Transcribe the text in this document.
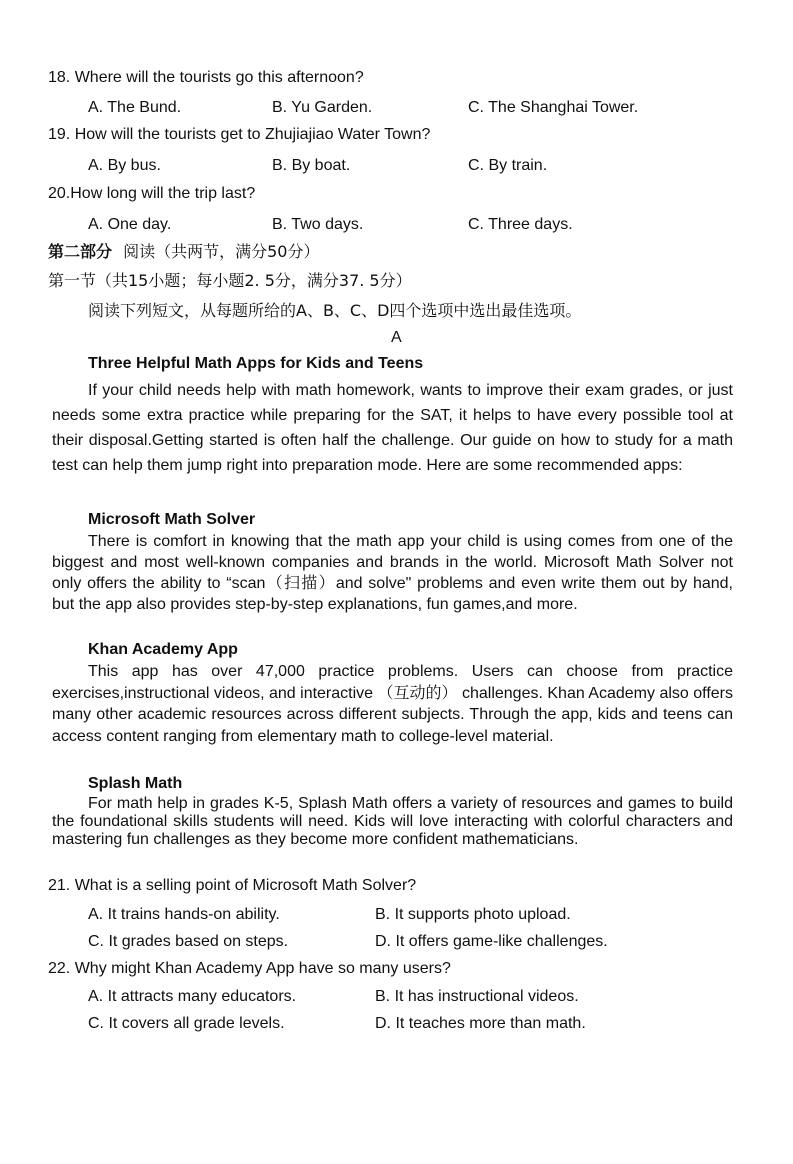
18. Where will the tourists go this afternoon?
A. The Bund.	B. Yu Garden.	C. The Shanghai Tower.
19. How will the tourists get to Zhujiajiao Water Town?
A. By bus.	B. By boat.	C. By train.
20.How long will the trip last?
A. One day.	B. Two days.	C. Three days.
第二部分 阅读（共两节，满分50分）
第一节（共15小题；每小题2. 5分，满分37. 5分）
阅读下列短文，从每题所给的A、B、C、D四个选项中选出最佳选项。
A
Three Helpful Math Apps for Kids and Teens
If your child needs help with math homework, wants to improve their exam grades, or just needs some extra practice while preparing for the SAT, it helps to have every possible tool at their disposal.Getting started is often half the challenge. Our guide on how to study for a math test can help them jump right into preparation mode. Here are some recommended apps:
Microsoft Math Solver
There is comfort in knowing that the math app your child is using comes from one of the biggest and most well-known companies and brands in the world. Microsoft Math Solver not only offers the ability to “scan（扫描）and solve" problems and even write them out by hand, but the app also provides step-by-step explanations, fun games,and more.
Khan Academy App
This app has over 47,000 practice problems. Users can choose from practice exercises,instructional videos, and interactive （互动的） challenges. Khan Academy also offers many other academic resources across different subjects. Through the app, kids and teens can access content ranging from elementary math to college-level material.
Splash Math
For math help in grades K-5, Splash Math offers a variety of resources and games to build the foundational skills students will need. Kids will love interacting with colorful characters and mastering fun challenges as they become more confident mathematicians.
21. What is a selling point of Microsoft Math Solver?
A. It trains hands-on ability.	B. It supports photo upload.
C. It grades based on steps.	D. It offers game-like challenges.
22. Why might Khan Academy App have so many users?
A. It attracts many educators.	B. It has instructional videos.
C. It covers all grade levels.	D. It teaches more than math.
